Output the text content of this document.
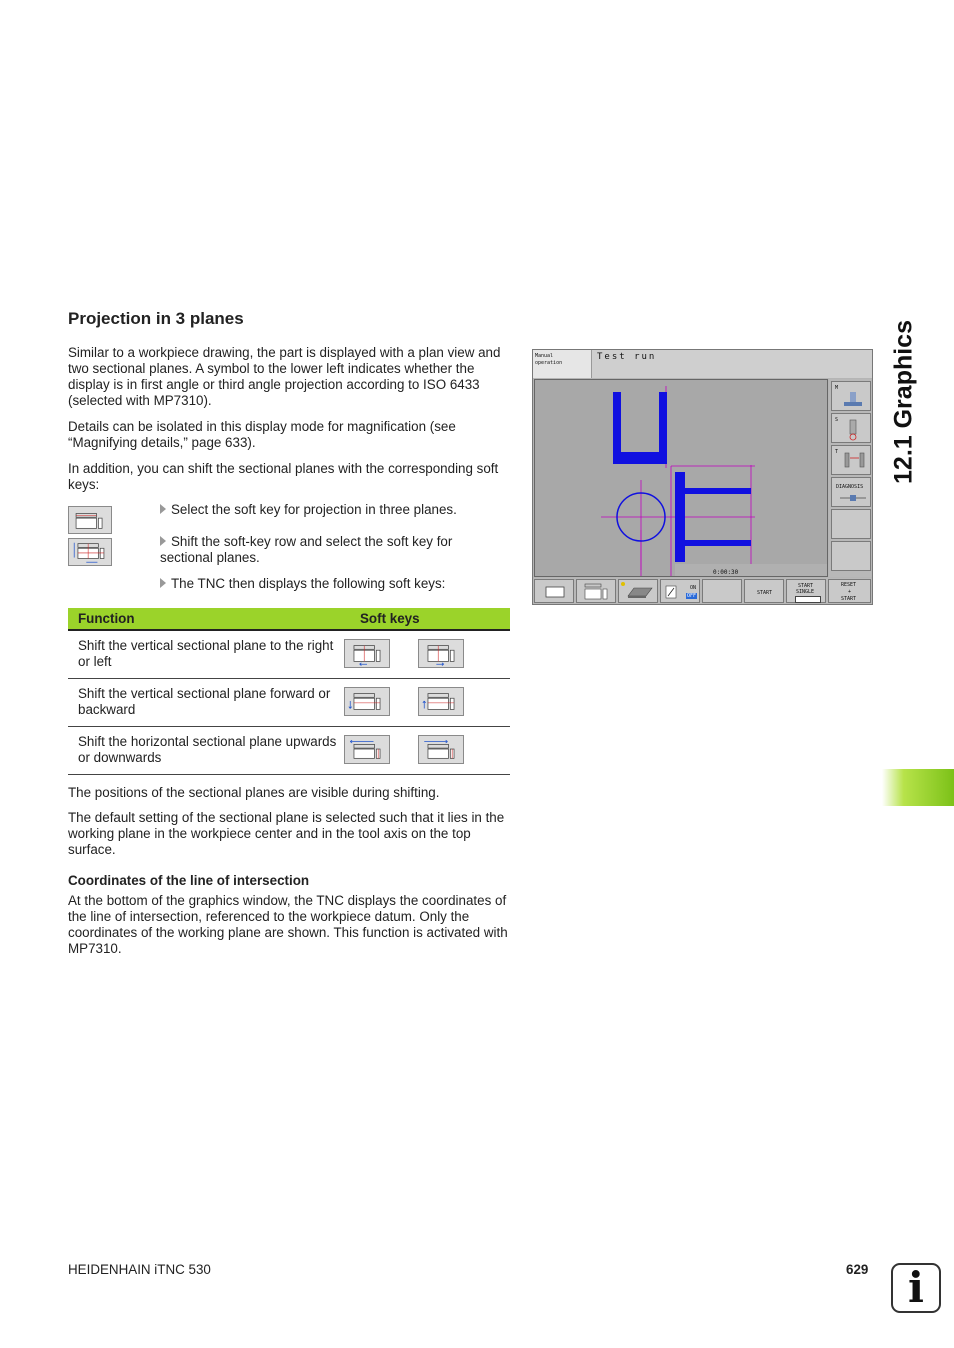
12.1 Graphics
Projection in 3 planes

Similar to a workpiece drawing, the part is displayed with a plan view and two sectional planes. A symbol to the lower left indicates whether the display is in first angle or third angle projection according to ISO 6433 (selected with MP7310).

Details can be isolated in this display mode for magnification (see “Magnifying details,” page 633).

In addition, you can shift the sectional planes with the corresponding soft keys:

Select the soft key for projection in three planes.
Shift the soft-key row and select the soft key for sectional planes.
The TNC then displays the following soft keys:
Function	Soft keys
Shift the vertical sectional plane to the right or left	

Shift the vertical sectional plane forward or backward	

Shift the horizontal sectional plane upwards or downwards	

The positions of the sectional planes are visible during shifting.

The default setting of the sectional plane is selected such that it lies in the working plane in the workpiece center and in the tool axis on the top surface.

Coordinates of the line of intersection

At the bottom of the graphics window, the TNC displays the coordinates of the line of intersection, referenced to the workpiece datum. Only the coordinates of the working plane are shown. This function is activated with MP7310.

Manual
operation
Test run
0:00:30
M
S
T
DIAGNOSIS
ON
OFF	START
START
SINGLE
RESET
+
START
HEIDENHAIN iTNC 530	629 i
